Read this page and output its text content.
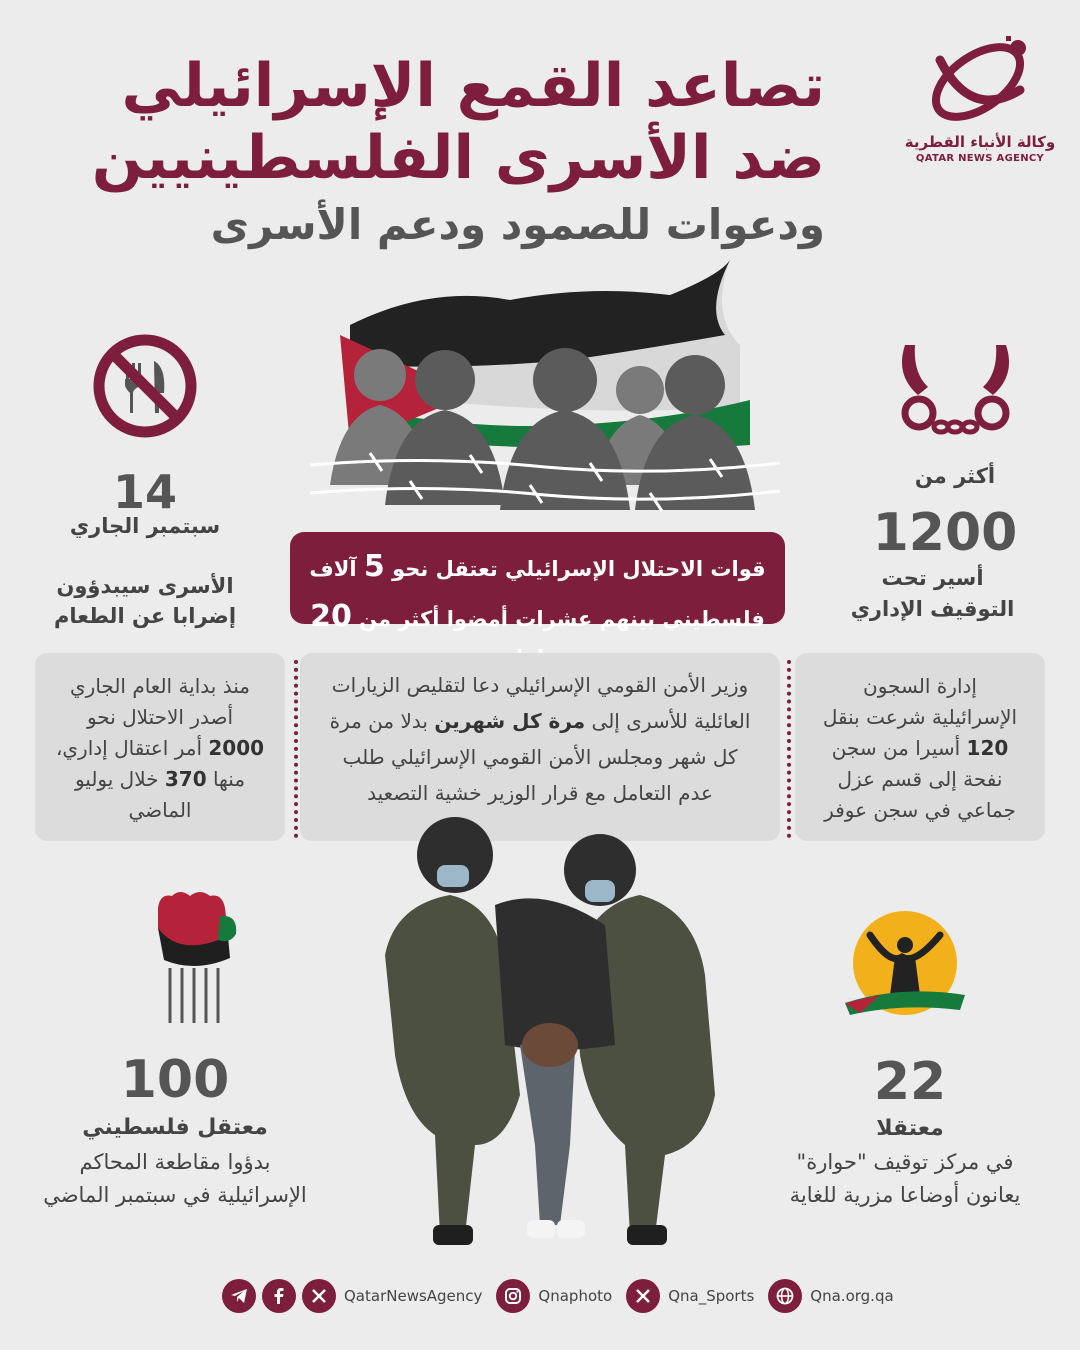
وكالة الأنباء القطرية
QATAR NEWS AGENCY
تصاعد القمع الإسرائيلي
ضد الأسرى الفلسطينيين
ودعوات للصمود ودعم الأسرى
قوات الاحتلال الإسرائيلي تعتقل نحو 5 آلاف
فلسطيني بينهم عشرات أمضوا أكثر من 20
14
سبتمبر الجاري
الأسرى سيبدؤون
إضرابا عن الطعام
أكثر من
1200
أسير تحت
التوقيف الإداري
منذ بداية العام الجاري
أصدر الاحتلال نحو
2000 أمر اعتقال إداري،
منها 370 خلال يوليو
الماضي
وزير الأمن القومي الإسرائيلي دعا لتقليص الزيارات
العائلية للأسرى إلى مرة كل شهرين بدلا من مرة
كل شهر ومجلس الأمن القومي الإسرائيلي طلب
عدم التعامل مع قرار الوزير خشية التصعيد
إدارة السجون
الإسرائيلية شرعت بنقل
120 أسيرا من سجن
نفحة إلى قسم عزل
جماعي في سجن عوفر
100
معتقل فلسطيني
بدؤوا مقاطعة المحاكم
الإسرائيلية في سبتمبر الماضي
22
معتقلا
في مركز توقيف "حوارة"
يعانون أوضاعا مزرية للغاية
QatarNewsAgency	Qnaphoto	Qna_Sports	Qna.org.qa
